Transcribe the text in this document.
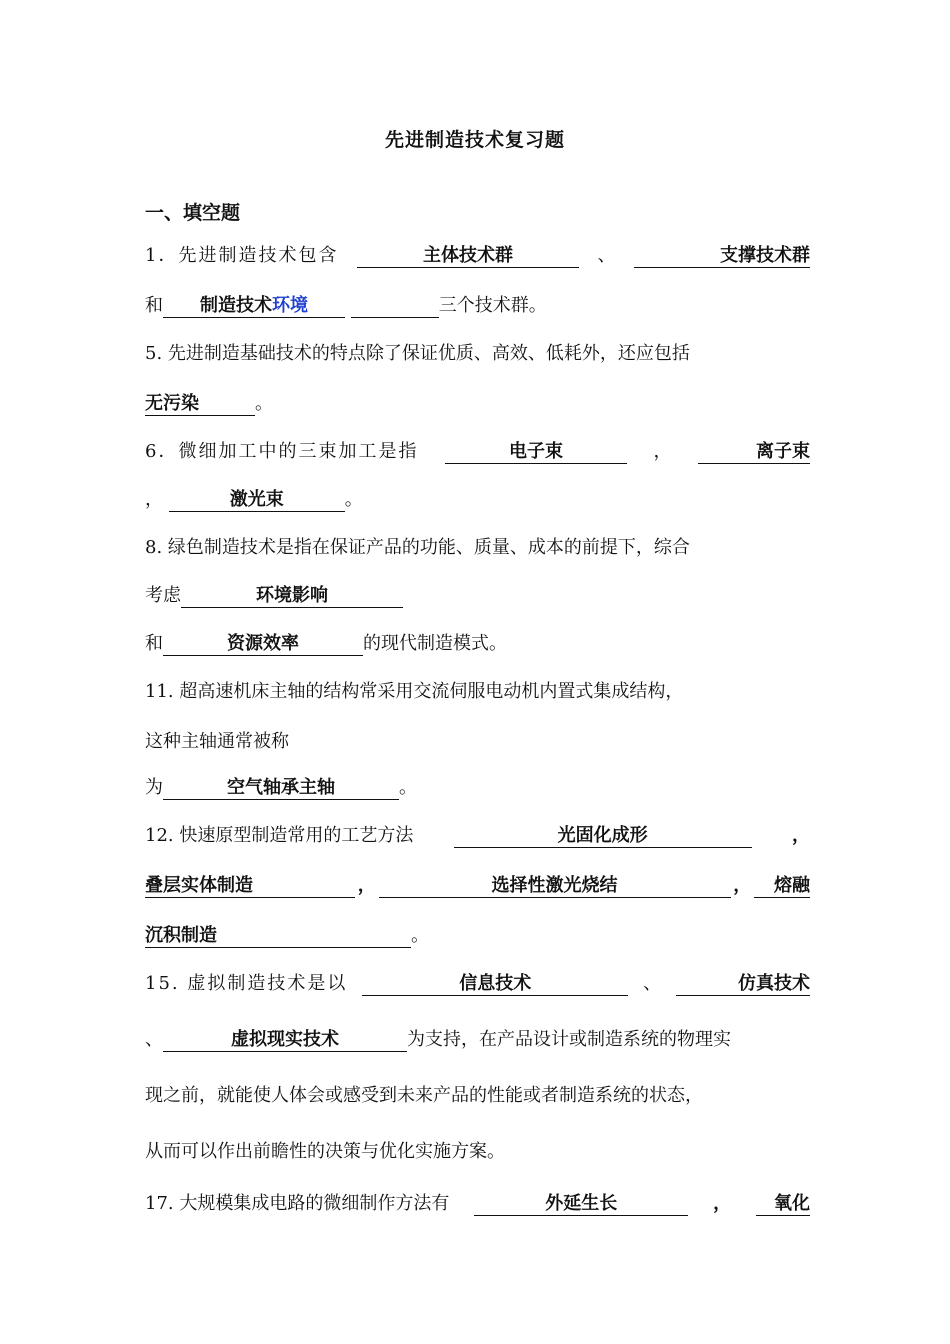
先进制造技术复习题
一、填空题
1．先进制造技术包含	主体技术群	、	支撑技术群
和 制造技术环境	三个技术群。
5. 先进制造基础技术的特点除了保证优质、高效、低耗外，还应包括
无污染	。
6．微细加工中的三束加工是指	电子束	，	离子束
，	激光束	。
8. 绿色制造技术是指在保证产品的功能、质量、成本的前提下，综合
考虑	环境影响
和	资源效率	的现代制造模式。
11. 超高速机床主轴的结构常采用交流伺服电动机内置式集成结构，
这种主轴通常被称
为	空气轴承主轴	。
12. 快速原型制造常用的工艺方法	光固化成形	，
叠层实体制造	，	选择性激光烧结	，	熔融
沉积制造	。
15. 虚拟制造技术是以	信息技术	、	仿真技术
、	虚拟现实技术	为支持，在产品设计或制造系统的物理实
现之前，就能使人体会或感受到未来产品的性能或者制造系统的状态，
从而可以作出前瞻性的决策与优化实施方案。
17. 大规模集成电路的微细制作方法有	外延生长	，	氧化
